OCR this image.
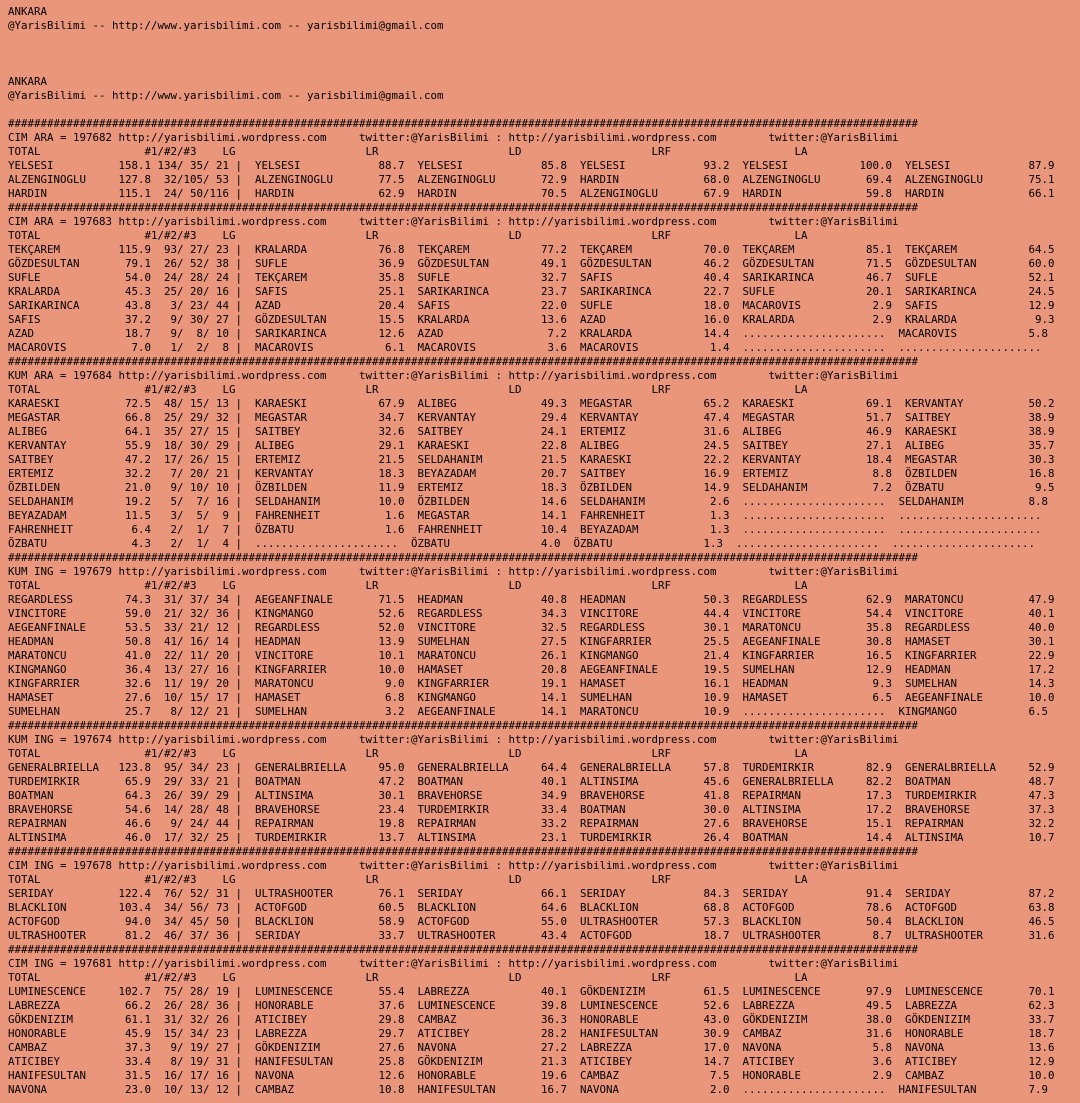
ANKARA
@YarisBilimi -- http://www.yarisbilimi.com -- yarisbilimi@gmail.com

ANKARA
@YarisBilimi -- http://www.yarisbilimi.com -- yarisbilimi@gmail.com

############################################################################################################################################
CIM ARA = 197682 http://yarisbilimi.wordpress.com     twitter:@YarisBilimi : http://yarisbilimi.wordpress.com        twitter:@YarisBilimi
TOTAL                #1/#2/#3    LG                    LR                    LD                    LRF                   LA
YELSESI          158.1 134/ 35/ 21 |  YELSESI            88.7  YELSESI            85.8  YELSESI            93.2  YELSESI           100.0  YELSESI            87.9
ALZENGINOGLU     127.8  32/105/ 53 |  ALZENGINOGLU       77.5  ALZENGINOGLU       72.9  HARDIN             68.0  ALZENGINOGLU       69.4  ALZENGINOGLU       75.1
HARDIN           115.1  24/ 50/116 |  HARDIN             62.9  HARDIN             70.5  ALZENGINOGLU       67.9  HARDIN             59.8  HARDIN             66.1
############################################################################################################################################
CIM ARA = 197683 http://yarisbilimi.wordpress.com     twitter:@YarisBilimi : http://yarisbilimi.wordpress.com        twitter:@YarisBilimi
TOTAL                #1/#2/#3    LG                    LR                    LD                    LRF                   LA
TEKÇAREM         115.9  93/ 27/ 23 |  KRALARDA           76.8  TEKÇAREM           77.2  TEKÇAREM           70.0  TEKÇAREM           85.1  TEKÇAREM           64.5
GÖZDESULTAN       79.1  26/ 52/ 38 |  SUFLE              36.9  GÖZDESULTAN        49.1  GÖZDESULTAN        46.2  GÖZDESULTAN        71.5  GÖZDESULTAN        60.0
SUFLE             54.0  24/ 28/ 24 |  TEKÇAREM           35.8  SUFLE              32.7  SAFIS              40.4  SARIKARINCA        46.7  SUFLE              52.1
KRALARDA          45.3  25/ 20/ 16 |  SAFIS              25.1  SARIKARINCA        23.7  SARIKARINCA        22.7  SUFLE              20.1  SARIKARINCA        24.5
SARIKARINCA       43.8   3/ 23/ 44 |  AZAD               20.4  SAFIS              22.0  SUFLE              18.0  MACAROVIS           2.9  SAFIS              12.9
SAFIS             37.2   9/ 30/ 27 |  GÖZDESULTAN        15.5  KRALARDA           13.6  AZAD               16.0  KRALARDA            2.9  KRALARDA            9.3
AZAD              18.7   9/  8/ 10 |  SARIKARINCA        12.6  AZAD                7.2  KRALARDA           14.4  ......................  MACAROVIS           5.8
MACAROVIS          7.0   1/  2/  8 |  MACAROVIS           6.1  MACAROVIS           3.6  MACAROVIS           1.4  ......................  ......................
############################################################################################################################################
KUM ARA = 197684 http://yarisbilimi.wordpress.com     twitter:@YarisBilimi : http://yarisbilimi.wordpress.com        twitter:@YarisBilimi
TOTAL                #1/#2/#3    LG                    LR                    LD                    LRF                   LA
KARAESKI          72.5  48/ 15/ 13 |  KARAESKI           67.9  ALIBEG             49.3  MEGASTAR           65.2  KARAESKI           69.1  KERVANTAY          50.2
MEGASTAR          66.8  25/ 29/ 32 |  MEGASTAR           34.7  KERVANTAY          29.4  KERVANTAY          47.4  MEGASTAR           51.7  SAITBEY            38.9
ALIBEG            64.1  35/ 27/ 15 |  SAITBEY            32.6  SAITBEY            24.1  ERTEMIZ            31.6  ALIBEG             46.9  KARAESKI           38.9
KERVANTAY         55.9  18/ 30/ 29 |  ALIBEG             29.1  KARAESKI           22.8  ALIBEG             24.5  SAITBEY            27.1  ALIBEG             35.7
SAITBEY           47.2  17/ 26/ 15 |  ERTEMIZ            21.5  SELDAHANIM         21.5  KARAESKI           22.2  KERVANTAY          18.4  MEGASTAR           30.3
ERTEMIZ           32.2   7/ 20/ 21 |  KERVANTAY          18.3  BEYAZADAM          20.7  SAITBEY            16.9  ERTEMIZ             8.8  ÖZBILDEN           16.8
ÖZBILDEN          21.0   9/ 10/ 10 |  ÖZBILDEN           11.9  ERTEMIZ            18.3  ÖZBILDEN           14.9  SELDAHANIM          7.2  ÖZBATU              9.5
SELDAHANIM        19.2   5/  7/ 16 |  SELDAHANIM         10.0  ÖZBILDEN           14.6  SELDAHANIM          2.6  ......................  SELDAHANIM          8.8
BEYAZADAM         11.5   3/  5/  9 |  FAHRENHEIT          1.6  MEGASTAR           14.1  FAHRENHEIT          1.3  ......................  ......................
FAHRENHEIT         6.4   2/  1/  7 |  ÖZBATU              1.6  FAHRENHEIT         10.4  BEYAZADAM           1.3  ......................  ......................
ÖZBATU             4.3   2/  1/  4 |  ......................  ÖZBATU              4.0  ÖZBATU              1.3  ......................  ......................
############################################################################################################################################
KUM ING = 197679 http://yarisbilimi.wordpress.com     twitter:@YarisBilimi : http://yarisbilimi.wordpress.com        twitter:@YarisBilimi
TOTAL                #1/#2/#3    LG                    LR                    LD                    LRF                   LA
REGARDLESS        74.3  31/ 37/ 34 |  AEGEANFINALE       71.5  HEADMAN            40.8  HEADMAN            50.3  REGARDLESS         62.9  MARATONCU          47.9
VINCITORE         59.0  21/ 32/ 36 |  KINGMANGO          52.6  REGARDLESS         34.3  VINCITORE          44.4  VINCITORE          54.4  VINCITORE          40.1
AEGEANFINALE      53.5  33/ 21/ 12 |  REGARDLESS         52.0  VINCITORE          32.5  REGARDLESS         30.1  MARATONCU          35.8  REGARDLESS         40.0
HEADMAN           50.8  41/ 16/ 14 |  HEADMAN            13.9  SUMELHAN           27.5  KINGFARRIER        25.5  AEGEANFINALE       30.8  HAMASET            30.1
MARATONCU         41.0  22/ 11/ 20 |  VINCITORE          10.1  MARATONCU          26.1  KINGMANGO          21.4  KINGFARRIER        16.5  KINGFARRIER        22.9
KINGMANGO         36.4  13/ 27/ 16 |  KINGFARRIER        10.0  HAMASET            20.8  AEGEANFINALE       19.5  SUMELHAN           12.9  HEADMAN            17.2
KINGFARRIER       32.6  11/ 19/ 20 |  MARATONCU           9.0  KINGFARRIER        19.1  HAMASET            16.1  HEADMAN             9.3  SUMELHAN           14.3
HAMASET           27.6  10/ 15/ 17 |  HAMASET             6.8  KINGMANGO          14.1  SUMELHAN           10.9  HAMASET             6.5  AEGEANFINALE       10.0
SUMELHAN          25.7   8/ 12/ 21 |  SUMELHAN            3.2  AEGEANFINALE       14.1  MARATONCU          10.9  ......................  KINGMANGO           6.5
############################################################################################################################################
KUM ING = 197674 http://yarisbilimi.wordpress.com     twitter:@YarisBilimi : http://yarisbilimi.wordpress.com        twitter:@YarisBilimi
TOTAL                #1/#2/#3    LG                    LR                    LD                    LRF                   LA
GENERALBRIELLA   123.8  95/ 34/ 23 |  GENERALBRIELLA     95.0  GENERALBRIELLA     64.4  GENERALBRIELLA     57.8  TURDEMIRKIR        82.9  GENERALBRIELLA     52.9
TURDEMIRKIR       65.9  29/ 33/ 21 |  BOATMAN            47.2  BOATMAN            40.1  ALTINSIMA          45.6  GENERALBRIELLA     82.2  BOATMAN            48.7
BOATMAN           64.3  26/ 39/ 29 |  ALTINSIMA          30.1  BRAVEHORSE         34.9  BRAVEHORSE         41.8  REPAIRMAN          17.3  TURDEMIRKIR        47.3
BRAVEHORSE        54.6  14/ 28/ 48 |  BRAVEHORSE         23.4  TURDEMIRKIR        33.4  BOATMAN            30.0  ALTINSIMA          17.2  BRAVEHORSE         37.3
REPAIRMAN         46.6   9/ 24/ 44 |  REPAIRMAN          19.8  REPAIRMAN          33.2  REPAIRMAN          27.6  BRAVEHORSE         15.1  REPAIRMAN          32.2
ALTINSIMA         46.0  17/ 32/ 25 |  TURDEMIRKIR        13.7  ALTINSIMA          23.1  TURDEMIRKIR        26.4  BOATMAN            14.4  ALTINSIMA          10.7
############################################################################################################################################
CIM ING = 197678 http://yarisbilimi.wordpress.com     twitter:@YarisBilimi : http://yarisbilimi.wordpress.com        twitter:@YarisBilimi
TOTAL                #1/#2/#3    LG                    LR                    LD                    LRF                   LA
SERIDAY          122.4  76/ 52/ 31 |  ULTRASHOOTER       76.1  SERIDAY            66.1  SERIDAY            84.3  SERIDAY            91.4  SERIDAY            87.2
BLACKLION        103.4  34/ 56/ 73 |  ACTOFGOD           60.5  BLACKLION          64.6  BLACKLION          68.8  ACTOFGOD           78.6  ACTOFGOD           63.8
ACTOFGOD          94.0  34/ 45/ 50 |  BLACKLION          58.9  ACTOFGOD           55.0  ULTRASHOOTER       57.3  BLACKLION          50.4  BLACKLION          46.5
ULTRASHOOTER      81.2  46/ 37/ 36 |  SERIDAY            33.7  ULTRASHOOTER       43.4  ACTOFGOD           18.7  ULTRASHOOTER        8.7  ULTRASHOOTER       31.6
############################################################################################################################################
CIM ING = 197681 http://yarisbilimi.wordpress.com     twitter:@YarisBilimi : http://yarisbilimi.wordpress.com        twitter:@YarisBilimi
TOTAL                #1/#2/#3    LG                    LR                    LD                    LRF                   LA
LUMINESCENCE     102.7  75/ 28/ 19 |  LUMINESCENCE       55.4  LABREZZA           40.1  GÖKDENIZIM         61.5  LUMINESCENCE       97.9  LUMINESCENCE       70.1
LABREZZA          66.2  26/ 28/ 36 |  HONORABLE          37.6  LUMINESCENCE       39.8  LUMINESCENCE       52.6  LABREZZA           49.5  LABREZZA           62.3
GÖKDENIZIM        61.1  31/ 32/ 26 |  ATICIBEY           29.8  CAMBAZ             36.3  HONORABLE          43.0  GÖKDENIZIM         38.0  GÖKDENIZIM         33.7
HONORABLE         45.9  15/ 34/ 23 |  LABREZZA           29.7  ATICIBEY           28.2  HANIFESULTAN       30.9  CAMBAZ             31.6  HONORABLE          18.7
CAMBAZ            37.3   9/ 19/ 27 |  GÖKDENIZIM         27.6  NAVONA             27.2  LABREZZA           17.0  NAVONA              5.8  NAVONA             13.6
ATICIBEY          33.4   8/ 19/ 31 |  HANIFESULTAN       25.8  GÖKDENIZIM         21.3  ATICIBEY           14.7  ATICIBEY            3.6  ATICIBEY           12.9
HANIFESULTAN      31.5  16/ 17/ 16 |  NAVONA             12.6  HONORABLE          19.6  CAMBAZ              7.5  HONORABLE           2.9  CAMBAZ             10.0
NAVONA            23.0  10/ 13/ 12 |  CAMBAZ             10.8  HANIFESULTAN       16.7  NAVONA              2.0  ......................  HANIFESULTAN        7.9
